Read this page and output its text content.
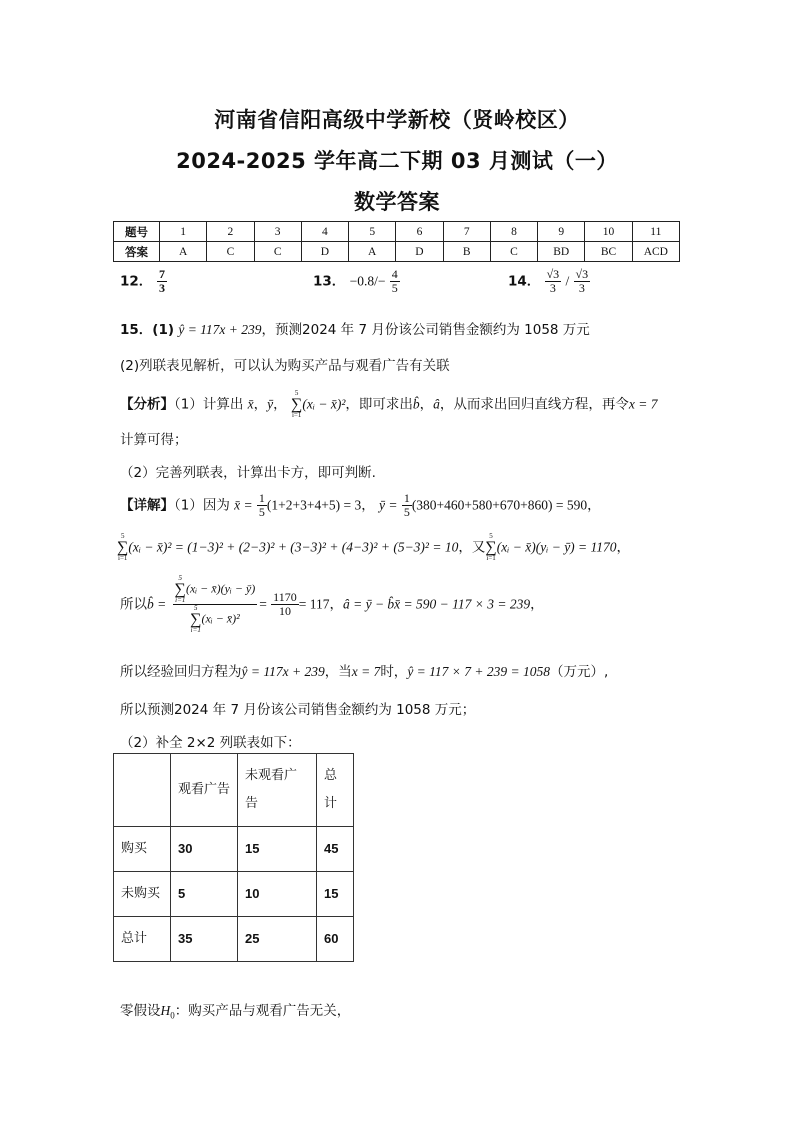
河南省信阳高级中学新校（贤岭校区）
2024-2025 学年高二下期 03 月测试（一）
数学答案
题号	1	2	3	4	5	6	7	8	9	10	11
答案	A	C	C	D	A	D	B	C	BD	BC	ACD
12． $\frac{7}{3}$	13． $-0.8/- \frac{4}{5}$	14． $\frac{√3}{3} / \frac{√3}{3}$
15．(1) ŷ = 117x + 239，预测2024 年 7 月份该公司销售金额约为 1058 万元
(2)列联表见解析，可以认为购买产品与观看广告有关联
【分析】（1）计算出 x̄，ȳ，
5
∑
i=1
(xᵢ − x̄)²，即可求出b̂，â，从而求出回归直线方程，再令x = 7
计算可得；
（2）完善列联表，计算出卡方，即可判断.
【详解】（1）因为 x̄ = $\frac{1}{5} (1+2+3+4+5) = 3$， ȳ = $\frac{1}{5} (380+460+580+670+860) = 590$，
5
∑
i=1
(xᵢ − x̄)² = (1−3)² + (2−3)² + (3−3)² + (4−3)² + (5−3)² = 10，又
5
∑
i=1
(xᵢ − x̄)(yᵢ − ȳ) = 1170，
所以b̂ = 5
∑
i=1
(xᵢ − x̄)(yᵢ − ȳ)
5
∑
i=1
(xᵢ − x̄)² = $\frac{1170}{10} = 117$，â = ȳ − b̂x̄ = 590 − 117 × 3 = 239，
所以经验回归方程为ŷ = 117x + 239，当x = 7时，ŷ = 117 × 7 + 239 = 1058（万元）,
所以预测2024 年 7 月份该公司销售金额约为 1058 万元；
（2）补全 2×2 列联表如下：
	观看广告	未观看广告	总计
购买	30	15	45
未购买	5	10	15
总计	35	25	60
零假设$H_0$：购买产品与观看广告无关，
